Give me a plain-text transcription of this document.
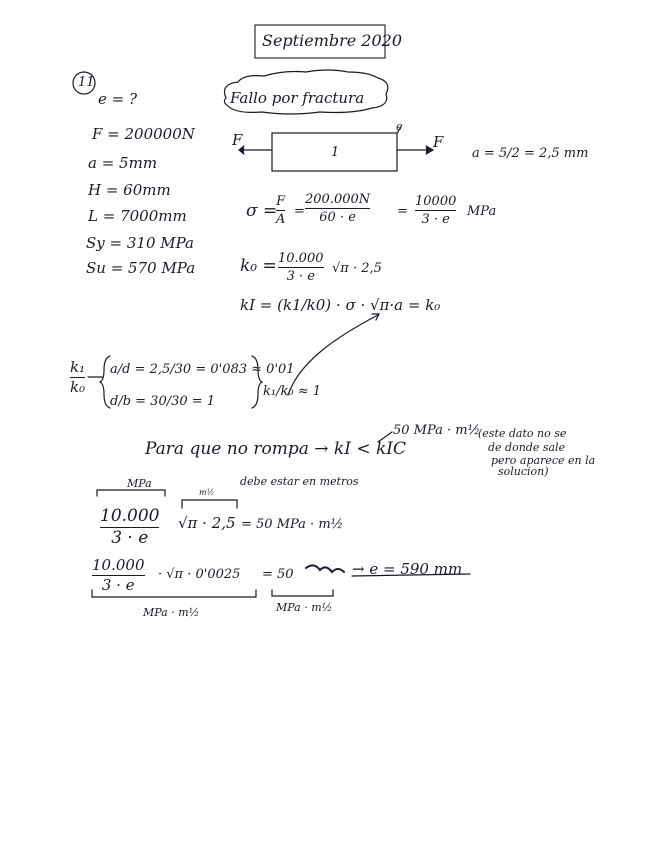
Septiembre 2020
11
e = ?	Fallo por fractura
F = 200000N
a = 5mm
H = 60mm
L = 7000mm
Sy = 310 MPa
Su = 570 MPa
F	F
1
e
a = 5/2 = 2,5 mm
σ =
F
A
=
200.000N
60 · e	=
10000
3 · e
MPa
k₀ = 10.000
3 · e
√π · 2,5
kI = (k1/k0) · σ · √π·a = k₀
k₁
k₀
a/d = 2,5/30 = 0'083 ≈ 0'01
d/b = 30/30 = 1
k₁/k₀ ≈ 1
Para que no rompa → kI < kIC
50 MPa · m½
(este dato no se
de donde sale
pero aparece en la
solucion)
MPa
m½
debe estar en metros
10.000
3 · e
√π · 2,5 = 50 MPa · m½
10.000
3 · e
· √π · 0'0025 = 50	→ e = 590 mm
MPa · m½	MPa · m½
